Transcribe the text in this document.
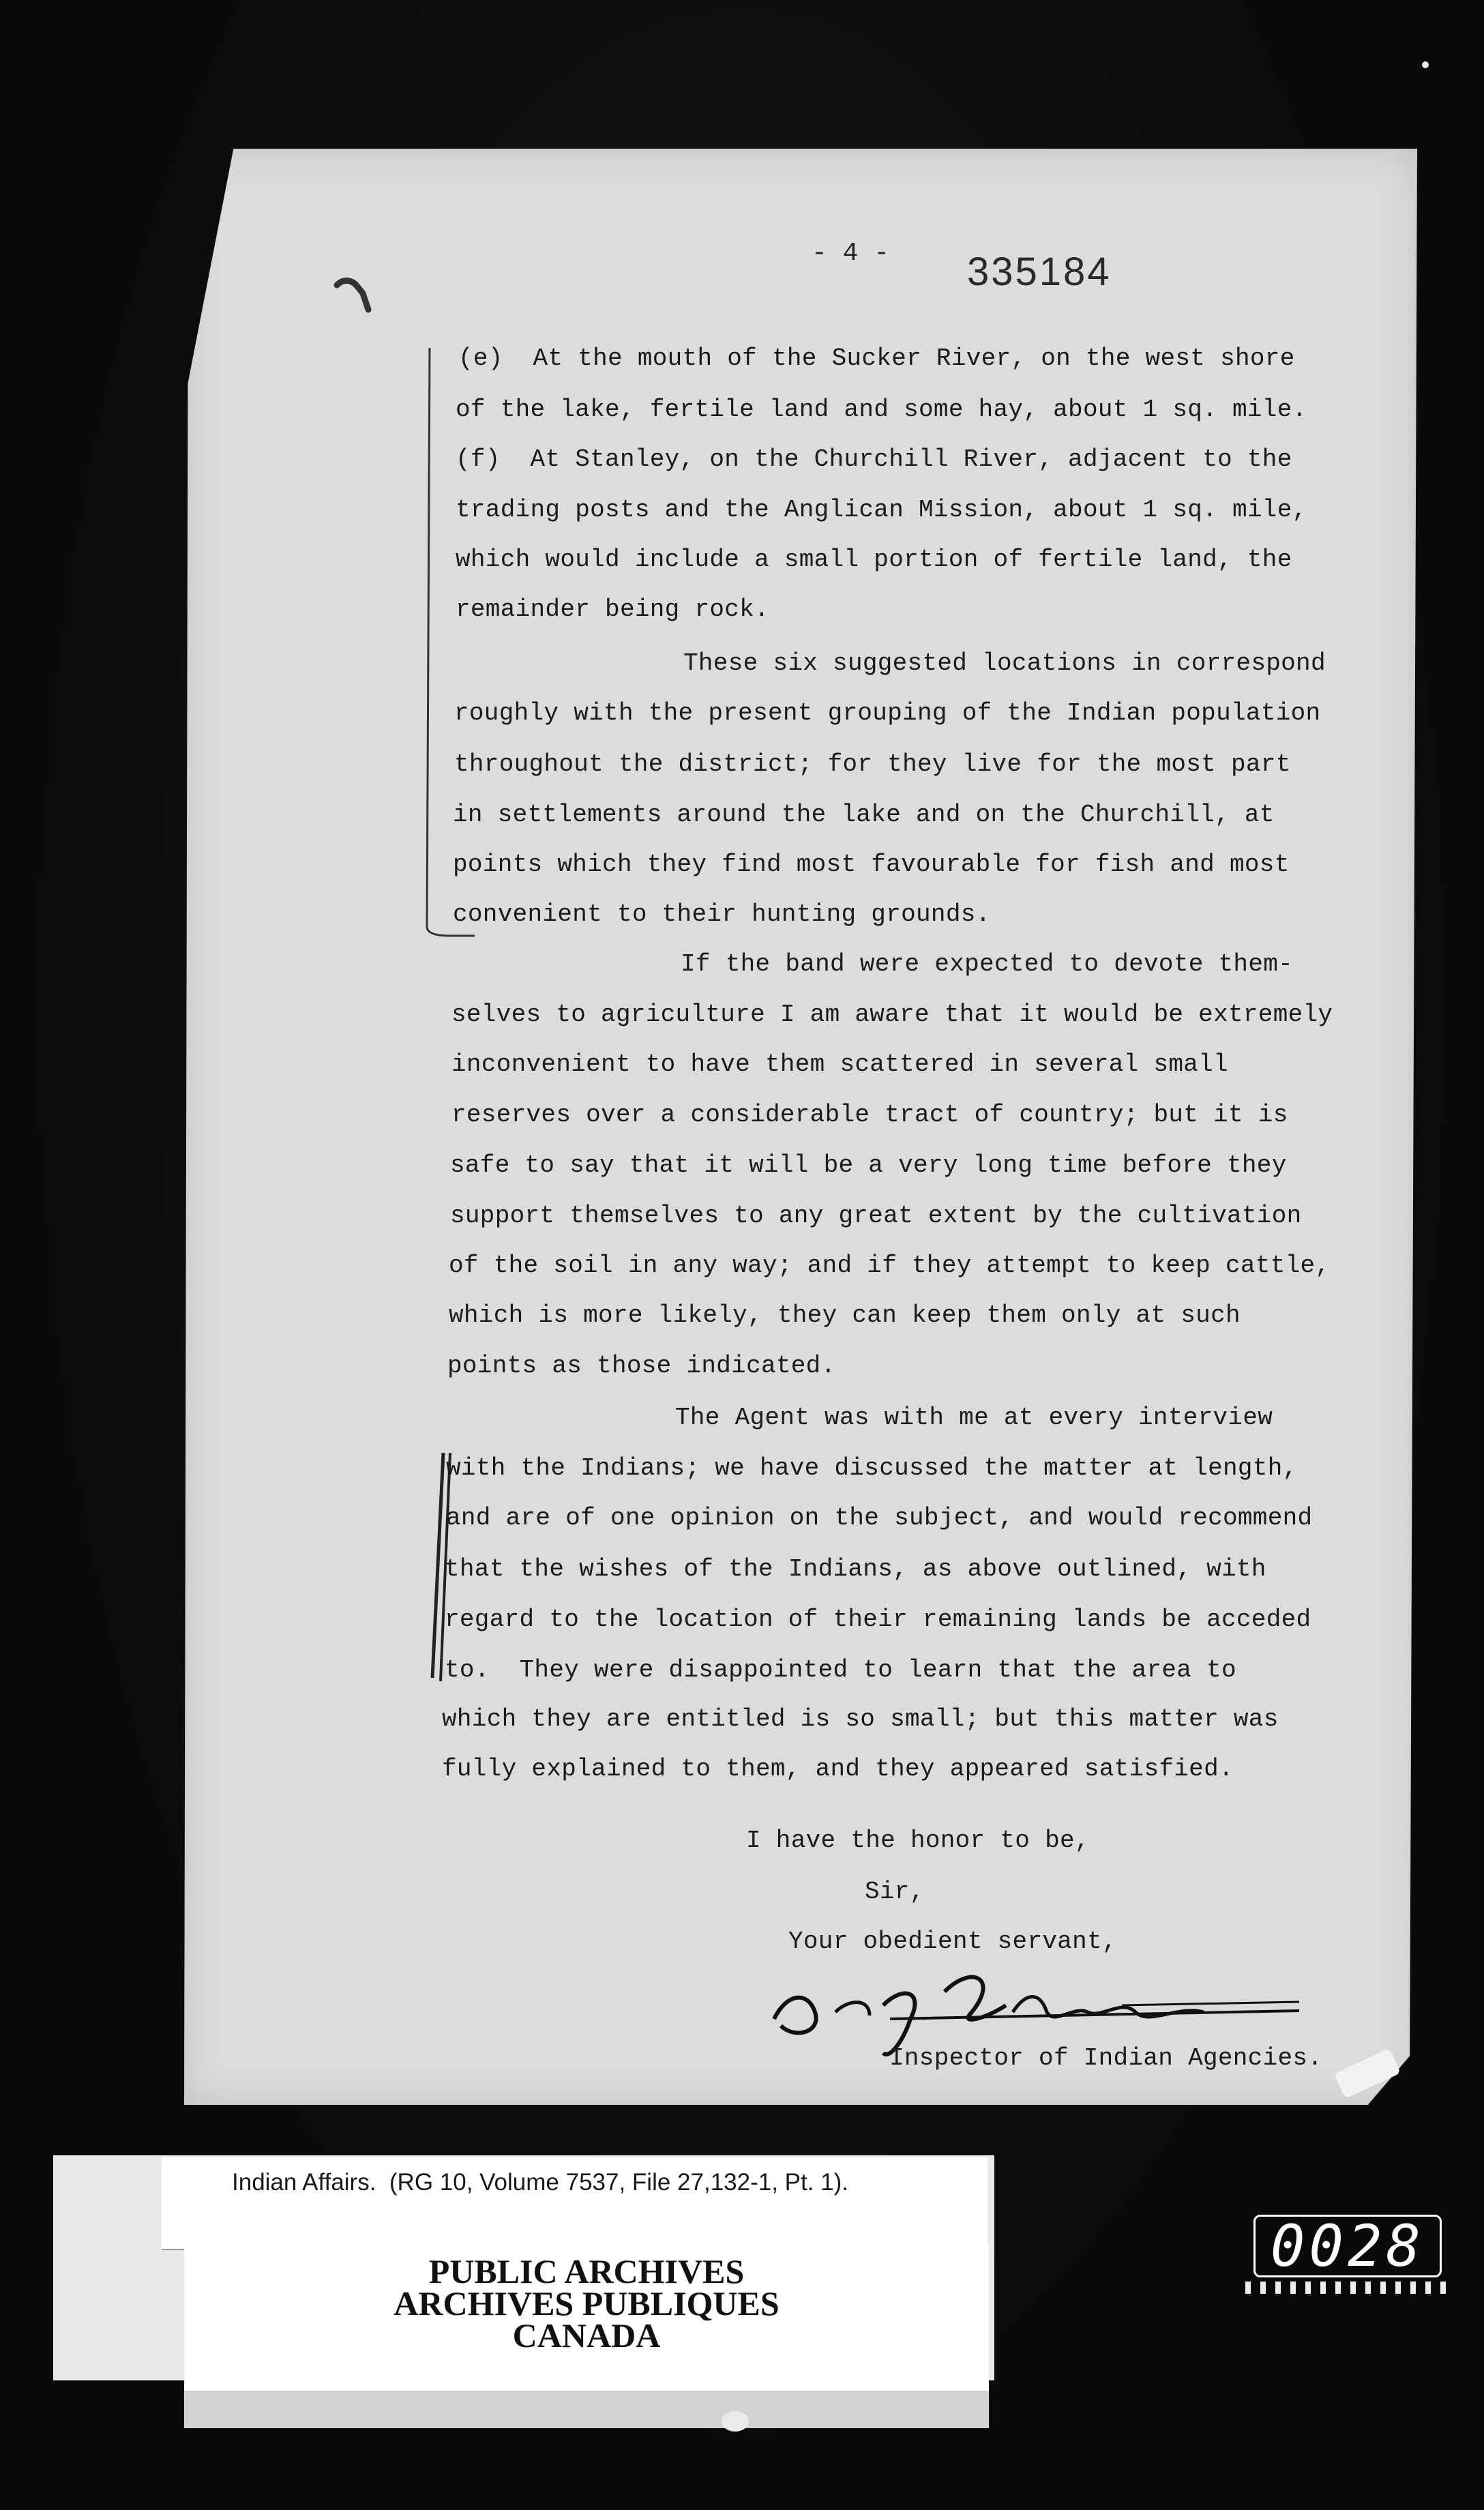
- 4 - 335184
(e)  At the mouth of the Sucker River, on the west shore
of the lake, fertile land and some hay, about 1 sq. mile.
(f)  At Stanley, on the Churchill River, adjacent to the
trading posts and the Anglican Mission, about 1 sq. mile,
which would include a small portion of fertile land, the
remainder being rock.
These six suggested locations in correspond
roughly with the present grouping of the Indian population
throughout the district; for they live for the most part
in settlements around the lake and on the Churchill, at
points which they find most favourable for fish and most
convenient to their hunting grounds.
If the band were expected to devote them-
selves to agriculture I am aware that it would be extremely
inconvenient to have them scattered in several small
reserves over a considerable tract of country; but it is
safe to say that it will be a very long time before they
support themselves to any great extent by the cultivation
of the soil in any way; and if they attempt to keep cattle,
which is more likely, they can keep them only at such
points as those indicated.
The Agent was with me at every interview
with the Indians; we have discussed the matter at length,
and are of one opinion on the subject, and would recommend
that the wishes of the Indians, as above outlined, with
regard to the location of their remaining lands be acceded
to.  They were disappointed to learn that the area to
which they are entitled is so small; but this matter was
fully explained to them, and they appeared satisfied.
I have the honor to be,
Sir,
Your obedient servant,
Inspector of Indian Agencies.
Indian Affairs.  (RG 10, Volume 7537, File 27,132-1, Pt. 1).
PUBLIC ARCHIVES
ARCHIVES PUBLIQUES
CANADA
0028
